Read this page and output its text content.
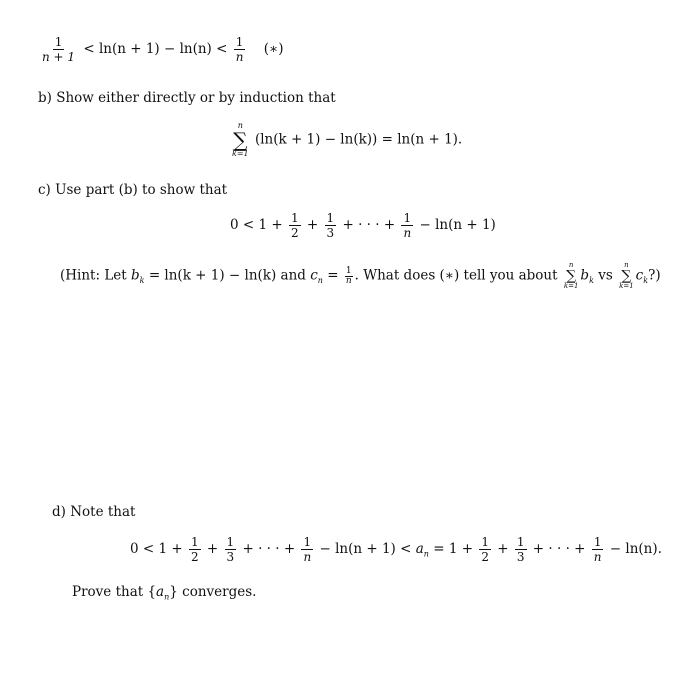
$\frac{1}{n + 1} < \ln(n + 1) - \ln(n) < \frac{1}{n}$ (∗)
b) Show either directly or by induction that
n
∑
k=1
(ln(k + 1) − ln(k)) = ln(n + 1).
c) Use part (b) to show that
$0 < 1 + \frac{1}{2} + \frac{1}{3}$ + · · · + $\frac{1}{n} - \ln(n + 1)$
(Hint: Let $b_k = \ln(k + 1) - \ln(k)$ and $c_n = \frac{1}{n}$ . What does (∗) tell you about
n
∑
k=1
$b_k$ vs
n
∑
k=1
$c_k$?)
d) Note that
$0 < 1 + \frac{1}{2} + \frac{1}{3}$ + · · · + $\frac{1}{n} - \ln(n + 1) < a_n = 1 + \frac{1}{2} + \frac{1}{3}$ + · · · + $\frac{1}{n} - \ln(n)$.
Prove that $\{a_n\}$ converges.
